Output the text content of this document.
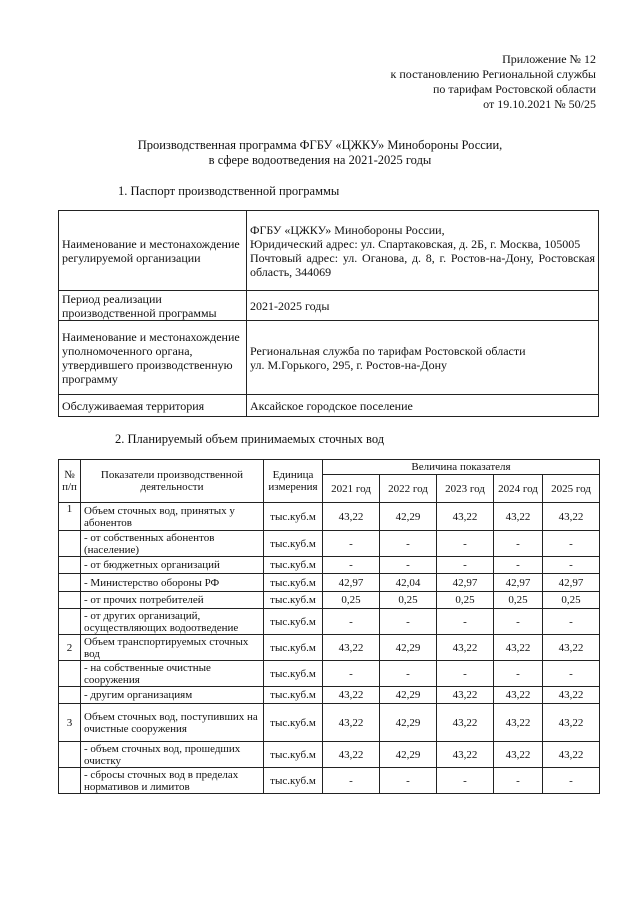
Приложение № 12
к постановлению Региональной службы
по тарифам Ростовской области
от 19.10.2021 № 50/25
Производственная программа ФГБУ «ЦЖКУ» Минобороны России,
в сфере водоотведения на 2021-2025 годы
1. Паспорт производственной программы
Наименование и местонахождение регулируемой организации	ФГБУ «ЦЖКУ» Минобороны России,
Юридический адрес: ул. Спартаковская, д. 2Б, г. Москва, 105005
Почтовый адрес: ул. Оганова, д. 8, г. Ростов-на-Дону, Ростовская область, 344069

Период реализации производственной программы	2021-2025 годы

Наименование и местонахождение уполномоченного органа, утвердившего производственную программу	Региональная служба по тарифам Ростовской области
ул. М.Горького, 295, г. Ростов-на-Дону

Обслуживаемая территория	Аксайское городское поселение
2. Планируемый объем принимаемых сточных вод
№ п/п	Показатели производственной деятельности	Единица измерения	Величина показателя				
			2021 год	2022 год	2023 год	2024 год	2025 год
1	Объем сточных вод, принятых у абонентов	тыс.куб.м	43,22	42,29	43,22	43,22	43,22
	- от собственных абонентов (население)	тыс.куб.м	-	-	-	-	-
	- от бюджетных организаций	тыс.куб.м	-	-	-	-	-
	- Министерство обороны РФ	тыс.куб.м	42,97	42,04	42,97	42,97	42,97
	- от прочих потребителей	тыс.куб.м	0,25	0,25	0,25	0,25	0,25
	- от других организаций, осуществляющих водоотведение	тыс.куб.м	-	-	-	-	-
2	Объем транспортируемых сточных вод	тыс.куб.м	43,22	42,29	43,22	43,22	43,22
	- на собственные очистные сооружения	тыс.куб.м	-	-	-	-	-
	- другим организациям	тыс.куб.м	43,22	42,29	43,22	43,22	43,22
3	Объем сточных вод, поступивших на очистные сооружения	тыс.куб.м	43,22	42,29	43,22	43,22	43,22
	- объем сточных вод, прошедших очистку	тыс.куб.м	43,22	42,29	43,22	43,22	43,22
	- сбросы сточных вод в пределах нормативов и лимитов	тыс.куб.м	-	-	-	-	-
